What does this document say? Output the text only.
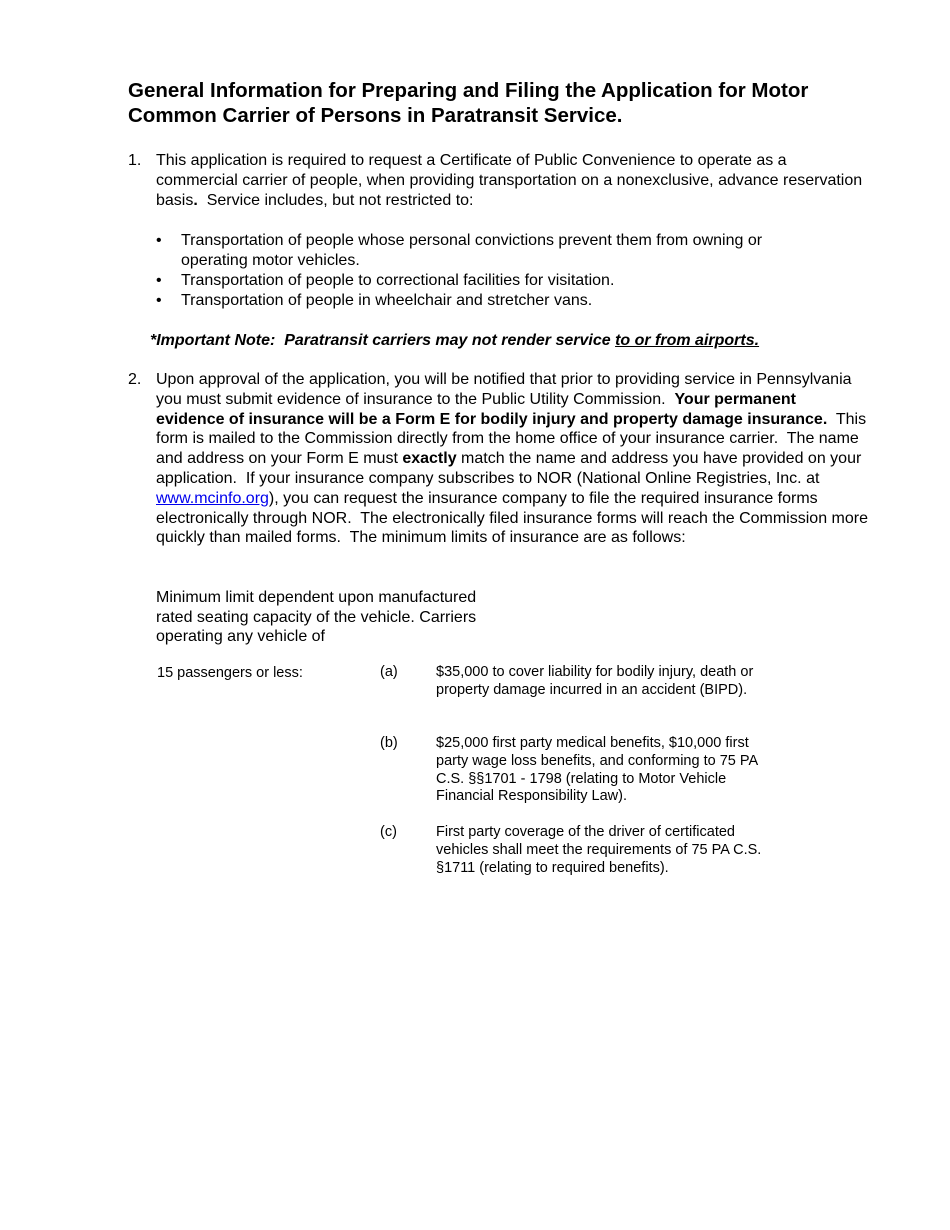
General Information for Preparing and Filing the Application for Motor Common Carrier of Persons in Paratransit Service.
1. This application is required to request a Certificate of Public Convenience to operate as a commercial carrier of people, when providing transportation on a nonexclusive, advance reservation basis.  Service includes, but not restricted to:
• Transportation of people whose personal convictions prevent them from owning or operating motor vehicles.
• Transportation of people to correctional facilities for visitation.
• Transportation of people in wheelchair and stretcher vans.
*Important Note:  Paratransit carriers may not render service to or from airports.
2. Upon approval of the application, you will be notified that prior to providing service in Pennsylvania you must submit evidence of insurance to the Public Utility Commission.  Your permanent evidence of insurance will be a Form E for bodily injury and property damage insurance.  This form is mailed to the Commission directly from the home office of your insurance carrier.  The name and address on your Form E must exactly match the name and address you have provided on your application.  If your insurance company subscribes to NOR (National Online Registries, Inc. at www.mcinfo.org), you can request the insurance company to file the required insurance forms electronically through NOR.  The electronically filed insurance forms will reach the Commission more quickly than mailed forms.  The minimum limits of insurance are as follows:
Minimum limit dependent upon manufactured rated seating capacity of the vehicle. Carriers operating any vehicle of
15 passengers or less:	(a)	$35,000 to cover liability for bodily injury, death or property damage incurred in an accident (BIPD).
(b)	$25,000 first party medical benefits, $10,000 first party wage loss benefits, and conforming to 75 PA C.S. §§1701 - 1798 (relating to Motor Vehicle Financial Responsibility Law).
(c)	First party coverage of the driver of certificated vehicles shall meet the requirements of 75 PA C.S. §1711 (relating to required benefits).
